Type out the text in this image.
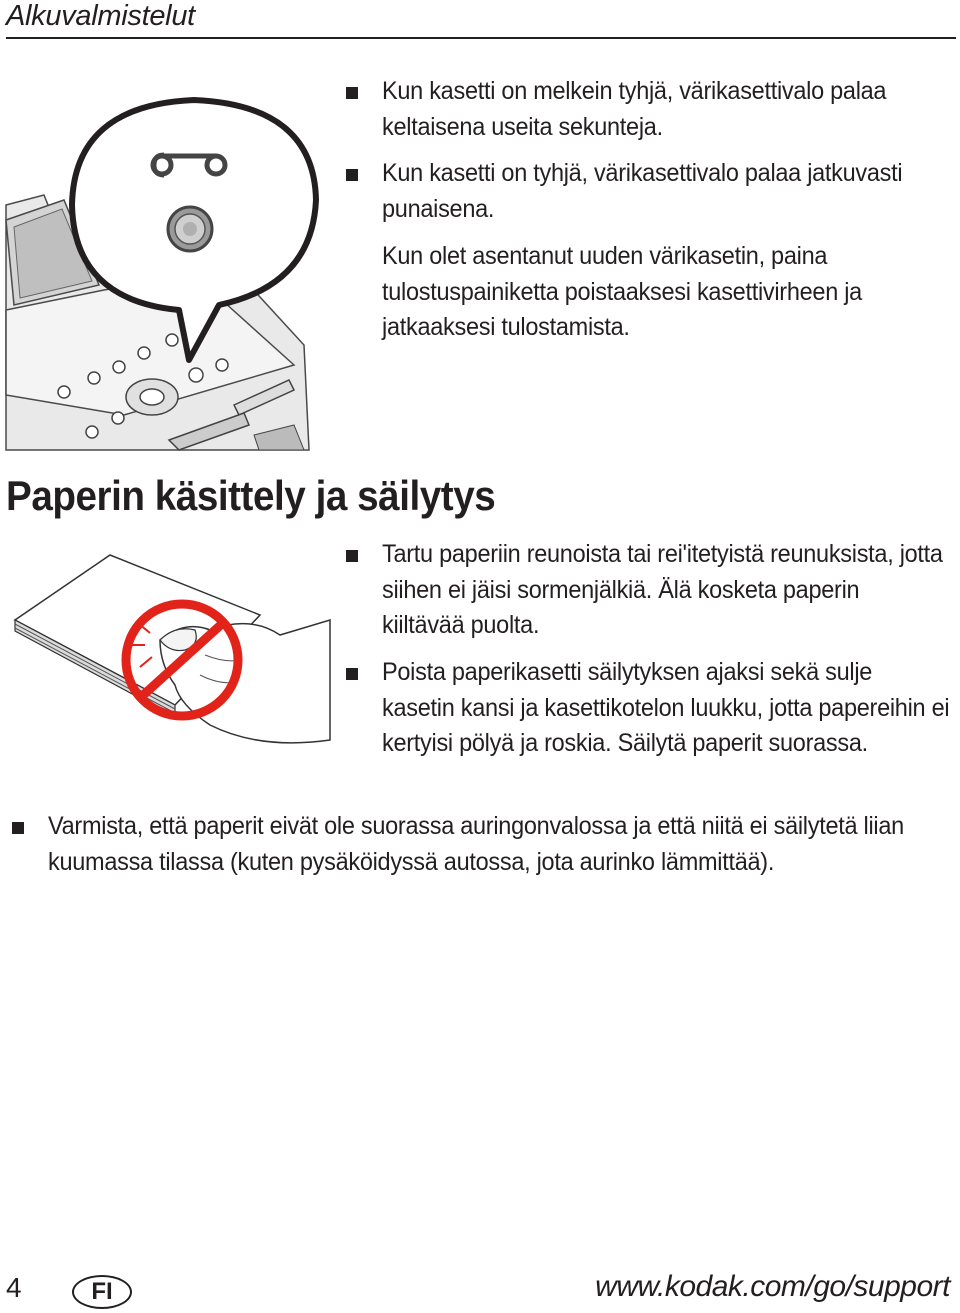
Alkuvalmistelut
Kun kasetti on melkein tyhjä, värikasettivalo palaa keltaisena useita sekunteja.
Kun kasetti on tyhjä, värikasettivalo palaa jatkuvasti punaisena.
Kun olet asentanut uuden värikasetin, paina tulostuspainiketta poistaaksesi kasettivirheen ja jatkaaksesi tulostamista.
Paperin käsittely ja säilytys
Tartu paperiin reunoista tai rei'itetyistä reunuksista, jotta siihen ei jäisi sormenjälkiä. Älä kosketa paperin kiiltävää puolta.
Poista paperikasetti säilytyksen ajaksi sekä sulje kasetin kansi ja kasettikotelon luukku, jotta papereihin ei kertyisi pölyä ja roskia. Säilytä paperit suorassa.
Varmista, että paperit eivät ole suorassa auringonvalossa ja että niitä ei säilytetä liian kuumassa tilassa (kuten pysäköidyssä autossa, jota aurinko lämmittää).
4	FI	www.kodak.com/go/support
